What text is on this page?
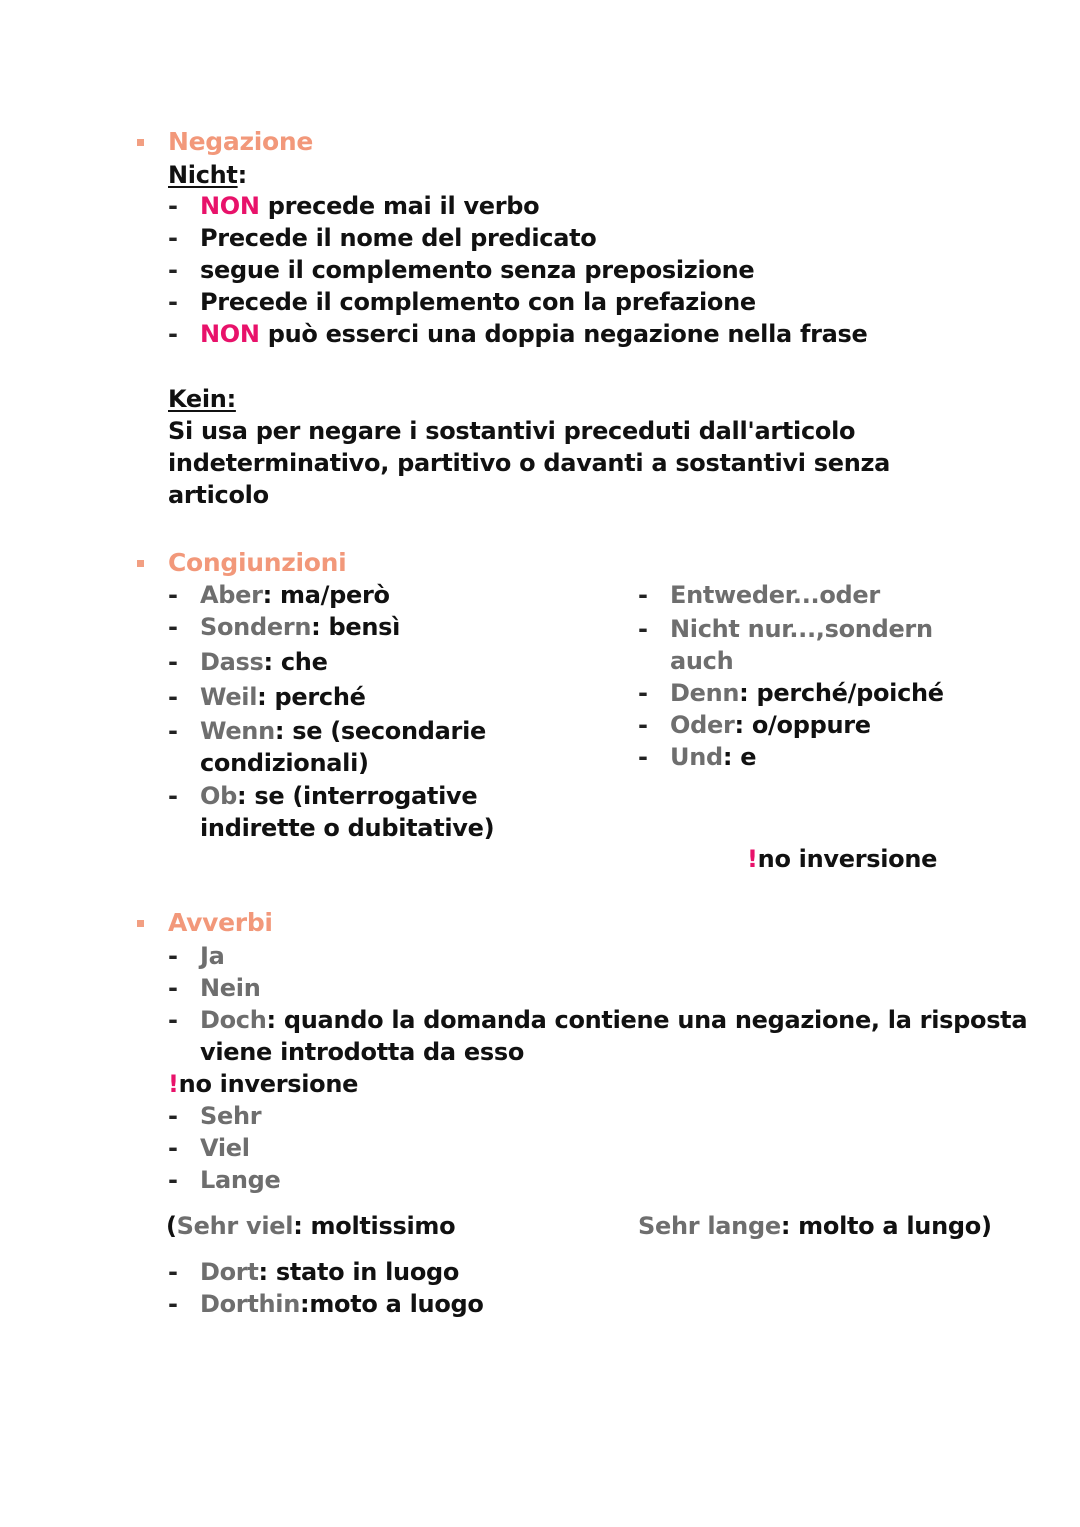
Negazione
Nicht:
- NON precede mai il verbo
- Precede il nome del predicato
- segue il complemento senza preposizione
- Precede il complemento con la prefazione
- NON può esserci una doppia negazione nella frase
Kein:
Si usa per negare i sostantivi preceduti dall'articolo
indeterminativo, partitivo o davanti a sostantivi senza
articolo
Congiunzioni
- Aber: ma/però
- Sondern: bensì
- Dass: che
- Weil: perché
- Wenn: se (secondarie
condizionali)
- Ob: se (interrogative
indirette o dubitative)
- Entweder...oder
- Nicht nur...,sondern
auch
- Denn: perché/poiché
- Oder: o/oppure
- Und: e
!no inversione
Avverbi
- Ja
- Nein
- Doch: quando la domanda contiene una negazione, la risposta
viene introdotta da esso
!no inversione
- Sehr
- Viel
- Lange
(Sehr viel: moltissimo	Sehr lange: molto a lungo)
- Dort: stato in luogo
- Dorthin:moto a luogo
